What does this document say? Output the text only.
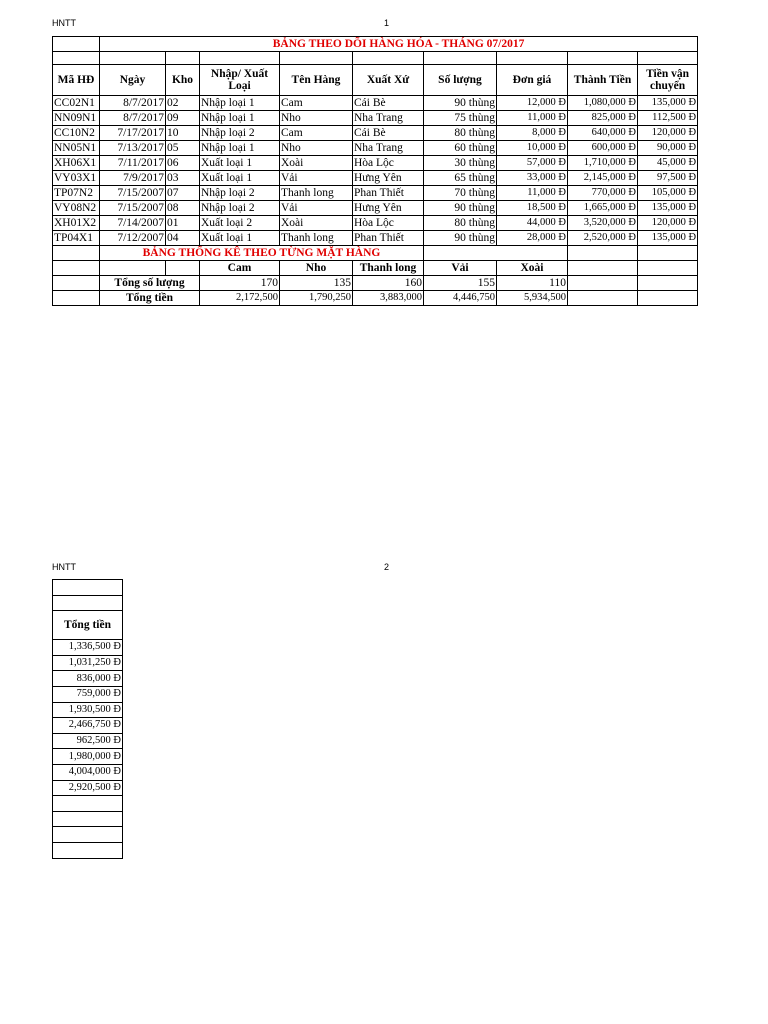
HNTT	1
	BẢNG THEO DÕI HÀNG HÓA - THÁNG 07/2017								

Mã HĐ	Ngày	Kho	Nhập/ Xuất Loại	Tên Hàng	Xuất Xứ	Số lượng	Đơn giá	Thành Tiền	Tiền vận chuyển
CC02N1	8/7/2017	02	Nhập loại 1	Cam	Cái Bè	90 thùng	12,000 Đ	1,080,000 Đ	135,000 Đ
NN09N1	8/7/2017	09	Nhập loại 1	Nho	Nha Trang	75 thùng	11,000 Đ	825,000 Đ	112,500 Đ
CC10N2	7/17/2017	10	Nhập loại 2	Cam	Cái Bè	80 thùng	8,000 Đ	640,000 Đ	120,000 Đ
NN05N1	7/13/2017	05	Nhập loại 1	Nho	Nha Trang	60 thùng	10,000 Đ	600,000 Đ	90,000 Đ
XH06X1	7/11/2017	06	Xuất loại 1	Xoài	Hòa Lộc	30 thùng	57,000 Đ	1,710,000 Đ	45,000 Đ
VY03X1	7/9/2017	03	Xuất loại 1	Vải	Hưng Yên	65 thùng	33,000 Đ	2,145,000 Đ	97,500 Đ
TP07N2	7/15/2007	07	Nhập loại 2	Thanh long	Phan Thiết	70 thùng	11,000 Đ	770,000 Đ	105,000 Đ
VY08N2	7/15/2007	08	Nhập loại 2	Vải	Hưng Yên	90 thùng	18,500 Đ	1,665,000 Đ	135,000 Đ
XH01X2	7/14/2007	01	Xuất loại 2	Xoài	Hòa Lộc	80 thùng	44,000 Đ	3,520,000 Đ	120,000 Đ
TP04X1	7/12/2007	04	Xuất loại 1	Thanh long	Phan Thiết	90 thùng	28,000 Đ	2,520,000 Đ	135,000 Đ
	BẢNG THỐNG KÊ THEO TỪNG MẶT HÀNG								
			Cam	Nho	Thanh long	Vải	Xoài		
	Tổng số lượng		170	135	160	155	110		
	Tổng tiền		2,172,500	1,790,250	3,883,000	4,446,750	5,934,500		
HNTT	2

Tổng tiền
1,336,500 Đ
1,031,250 Đ
836,000 Đ
759,000 Đ
1,930,500 Đ
2,466,750 Đ
962,500 Đ
1,980,000 Đ
4,004,000 Đ
2,920,500 Đ
